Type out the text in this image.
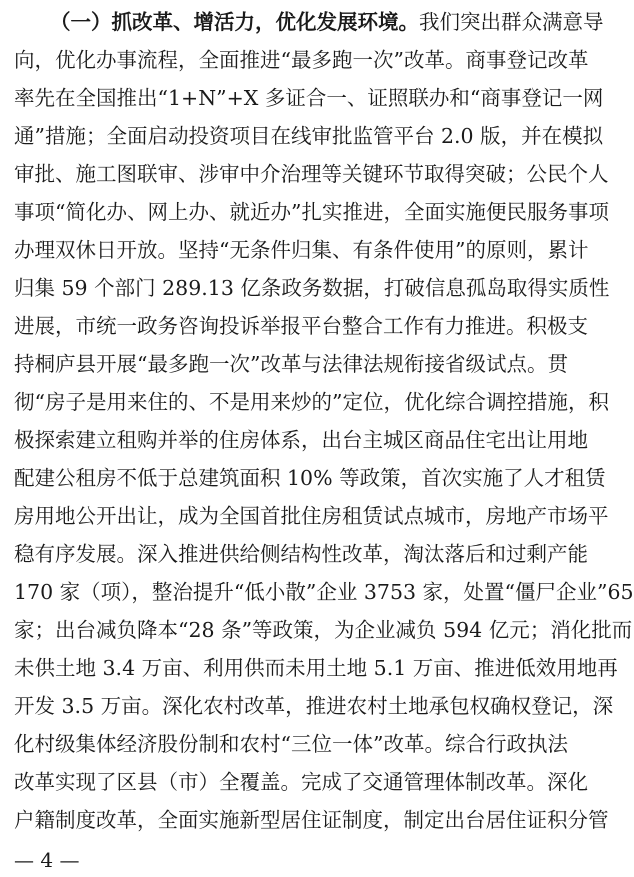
（一）抓改革、增活力，优化发展环境。我们突出群众满意导
向，优化办事流程，全面推进“最多跑一次”改革。商事登记改革
率先在全国推出“1+N”+X 多证合一、证照联办和“商事登记一网
通”措施；全面启动投资项目在线审批监管平台 2.0 版，并在模拟
审批、施工图联审、涉审中介治理等关键环节取得突破；公民个人
事项“简化办、网上办、就近办”扎实推进，全面实施便民服务事项
办理双休日开放。坚持“无条件归集、有条件使用”的原则，累计
归集 59 个部门 289.13 亿条政务数据，打破信息孤岛取得实质性
进展，市统一政务咨询投诉举报平台整合工作有力推进。积极支
持桐庐县开展“最多跑一次”改革与法律法规衔接省级试点。贯
彻“房子是用来住的、不是用来炒的”定位，优化综合调控措施，积
极探索建立租购并举的住房体系，出台主城区商品住宅出让用地
配建公租房不低于总建筑面积 10% 等政策，首次实施了人才租赁
房用地公开出让，成为全国首批住房租赁试点城市，房地产市场平
稳有序发展。深入推进供给侧结构性改革，淘汰落后和过剩产能
170 家（项），整治提升“低小散”企业 3753 家，处置“僵尸企业”65
家；出台减负降本“28 条”等政策，为企业减负 594 亿元；消化批而
未供土地 3.4 万亩、利用供而未用土地 5.1 万亩、推进低效用地再
开发 3.5 万亩。深化农村改革，推进农村土地承包权确权登记，深
化村级集体经济股份制和农村“三位一体”改革。综合行政执法
改革实现了区县（市）全覆盖。完成了交通管理体制改革。深化
户籍制度改革，全面实施新型居住证制度，制定出台居住证积分管
— 4 —
